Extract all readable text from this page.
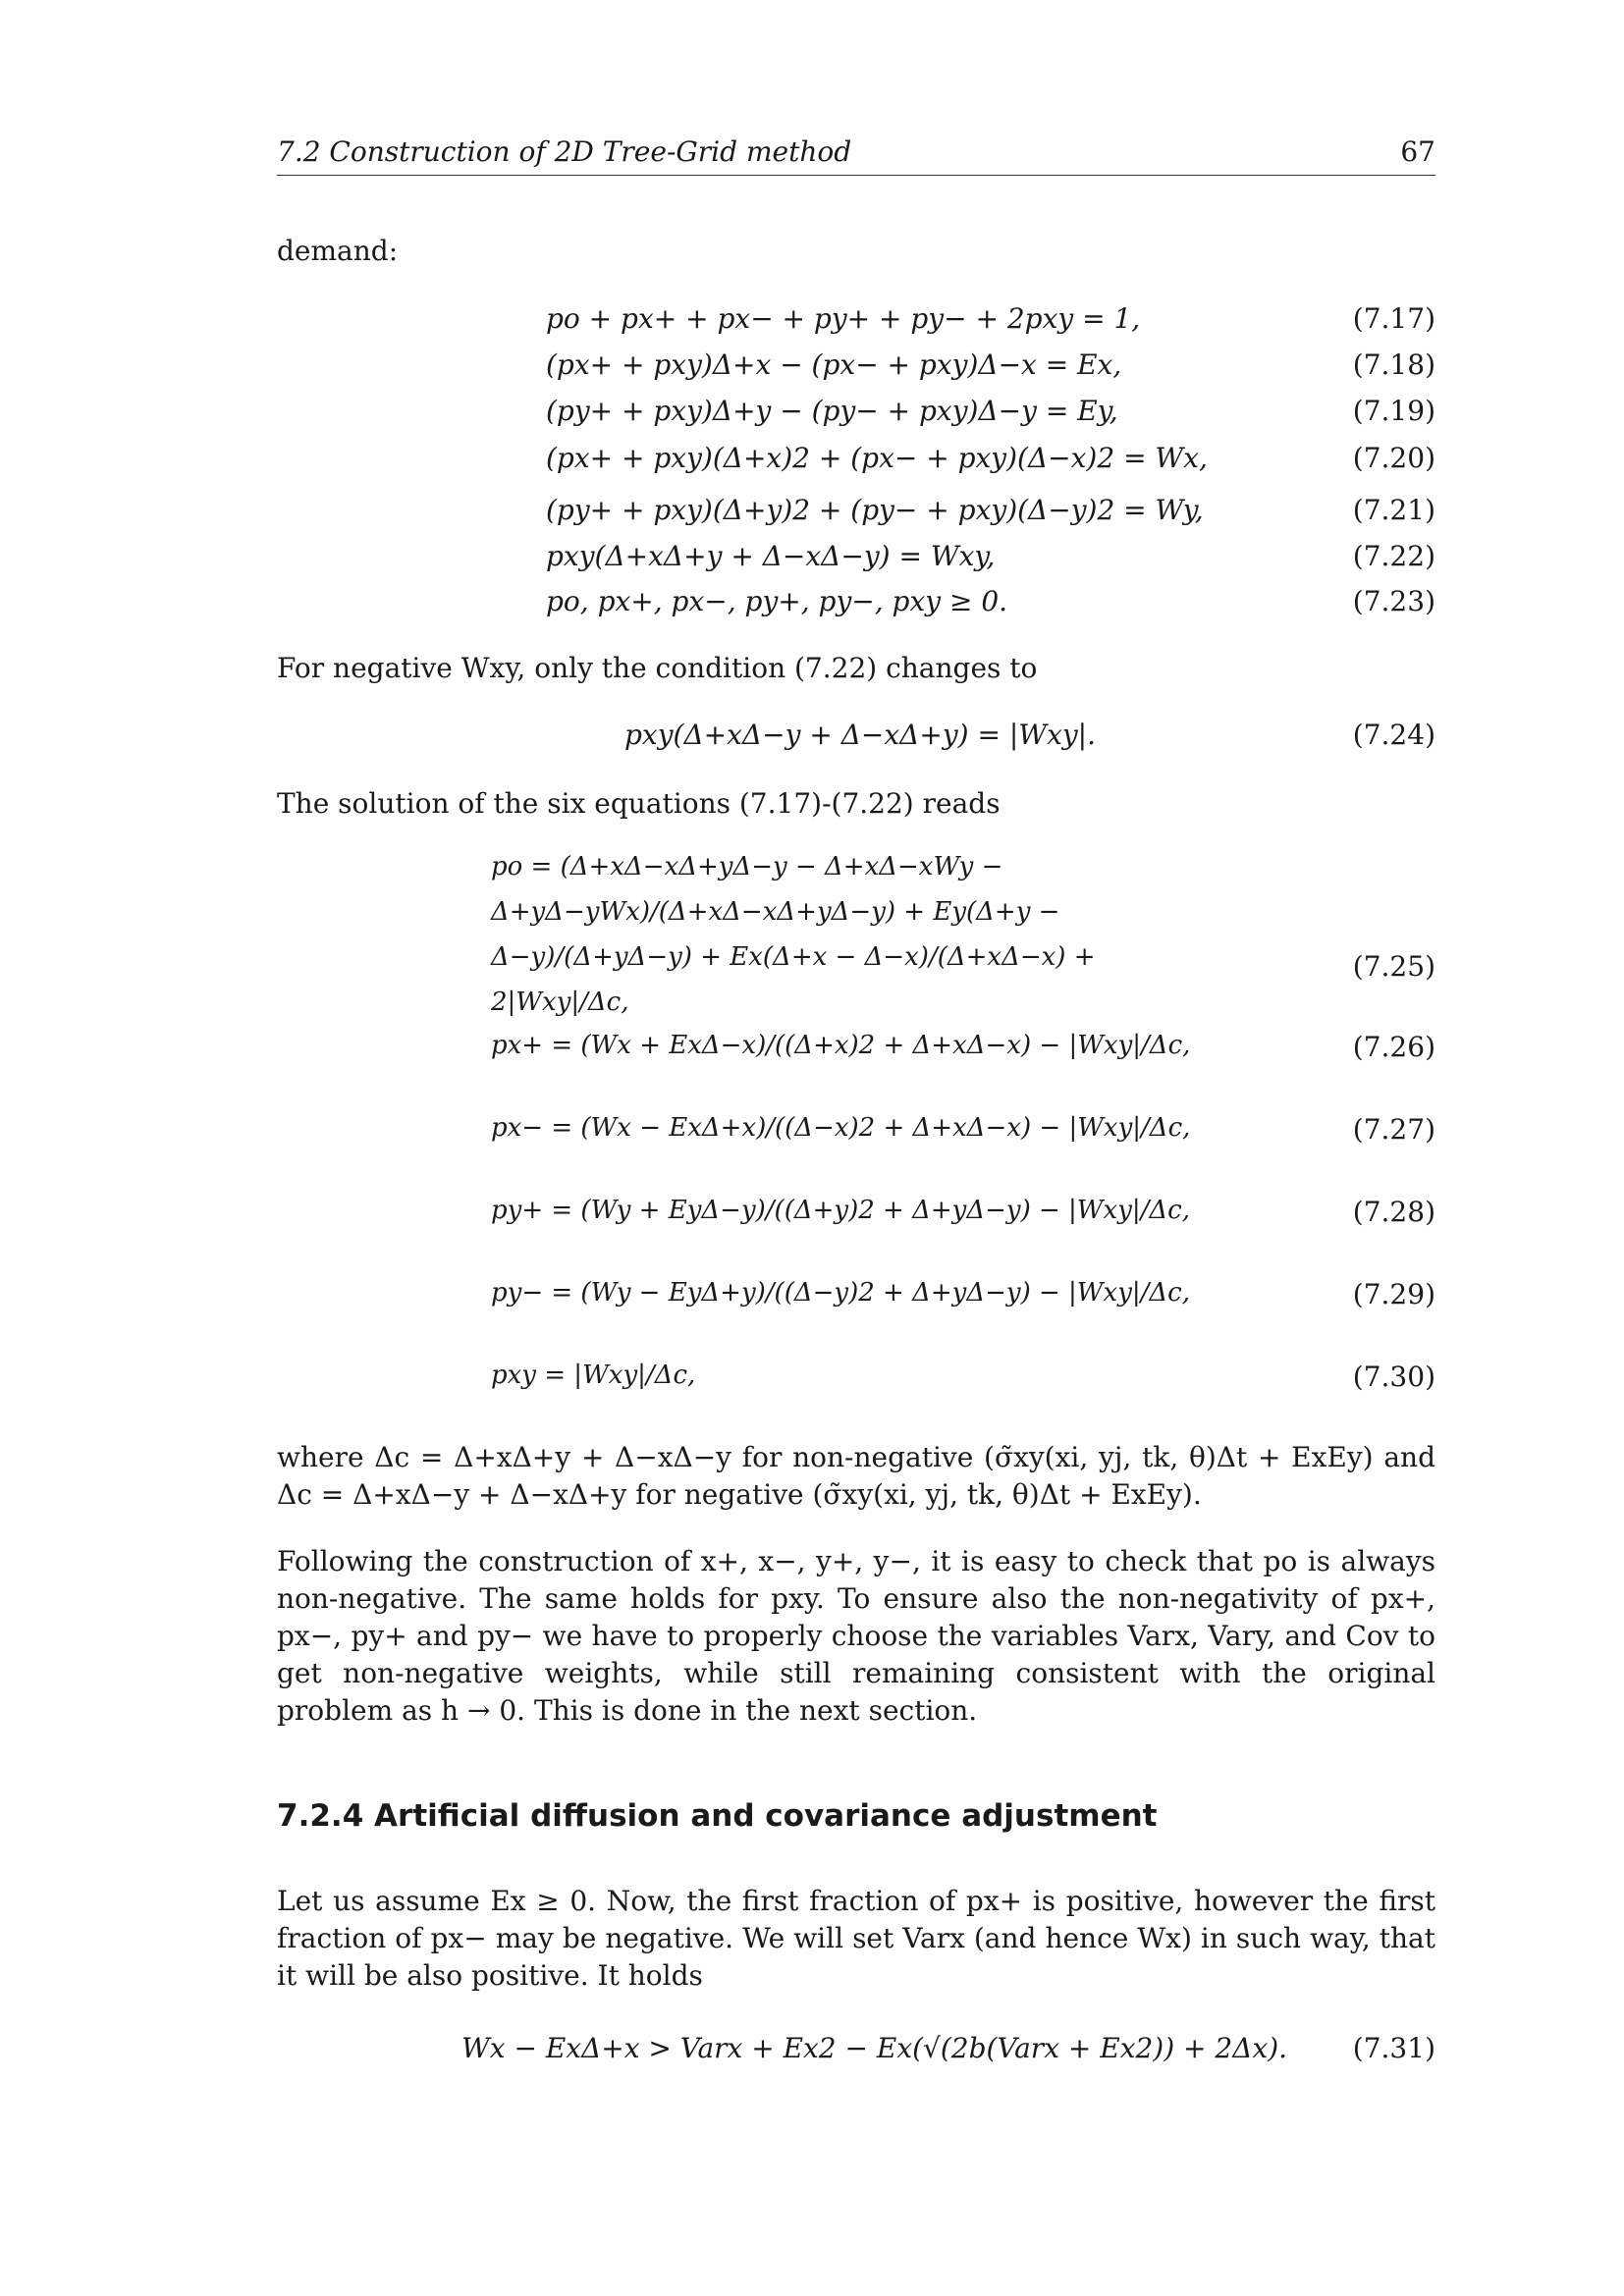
7.2 Construction of 2D Tree-Grid method	67
demand:
po + px+ + px− + py+ + py− + 2pxy = 1,	(7.17)
(px+ + pxy)Δ+x − (px− + pxy)Δ−x = Ex,	(7.18)
(py+ + pxy)Δ+y − (py− + pxy)Δ−y = Ey,	(7.19)
(px+ + pxy)(Δ+x)2 + (px− + pxy)(Δ−x)2 = Wx,	(7.20)
(py+ + pxy)(Δ+y)2 + (py− + pxy)(Δ−y)2 = Wy,	(7.21)
pxy(Δ+xΔ+y + Δ−xΔ−y) = Wxy,	(7.22)
po, px+, px−, py+, py−, pxy ≥ 0.	(7.23)
For negative Wxy, only the condition (7.22) changes to
pxy(Δ+xΔ−y + Δ−xΔ+y) = |Wxy|.	(7.24)
The solution of the six equations (7.17)-(7.22) reads
po = (Δ+xΔ−xΔ+yΔ−y − Δ+xΔ−xWy − Δ+yΔ−yWx)/(Δ+xΔ−xΔ+yΔ−y) + Ey(Δ+y − Δ−y)/(Δ+yΔ−y) + Ex(Δ+x − Δ−x)/(Δ+xΔ−x) + 2|Wxy|/Δc,
(7.25)
px+ = (Wx + ExΔ−x)/((Δ+x)2 + Δ+xΔ−x) − |Wxy|/Δc,	(7.26)
px− = (Wx − ExΔ+x)/((Δ−x)2 + Δ+xΔ−x) − |Wxy|/Δc,	(7.27)
py+ = (Wy + EyΔ−y)/((Δ+y)2 + Δ+yΔ−y) − |Wxy|/Δc,	(7.28)
py− = (Wy − EyΔ+y)/((Δ−y)2 + Δ+yΔ−y) − |Wxy|/Δc,	(7.29)
pxy = |Wxy|/Δc,	(7.30)
where Δc = Δ+xΔ+y + Δ−xΔ−y for non-negative (σ̃xy(xi, yj, tk, θ)Δt + ExEy) and Δc = Δ+xΔ−y + Δ−xΔ+y for negative (σ̃xy(xi, yj, tk, θ)Δt + ExEy).
Following the construction of x+, x−, y+, y−, it is easy to check that po is always non-negative. The same holds for pxy. To ensure also the non-negativity of px+, px−, py+ and py− we have to properly choose the variables Varx, Vary, and Cov to get non-negative weights, while still remaining consistent with the original problem as h → 0. This is done in the next section.
7.2.4 Artificial diffusion and covariance adjustment
Let us assume Ex ≥ 0. Now, the first fraction of px+ is positive, however the first fraction of px− may be negative. We will set Varx (and hence Wx) in such way, that it will be also positive. It holds
Wx − ExΔ+x > Varx + Ex2 − Ex(√(2b(Varx + Ex2)) + 2Δx). (7.31)
